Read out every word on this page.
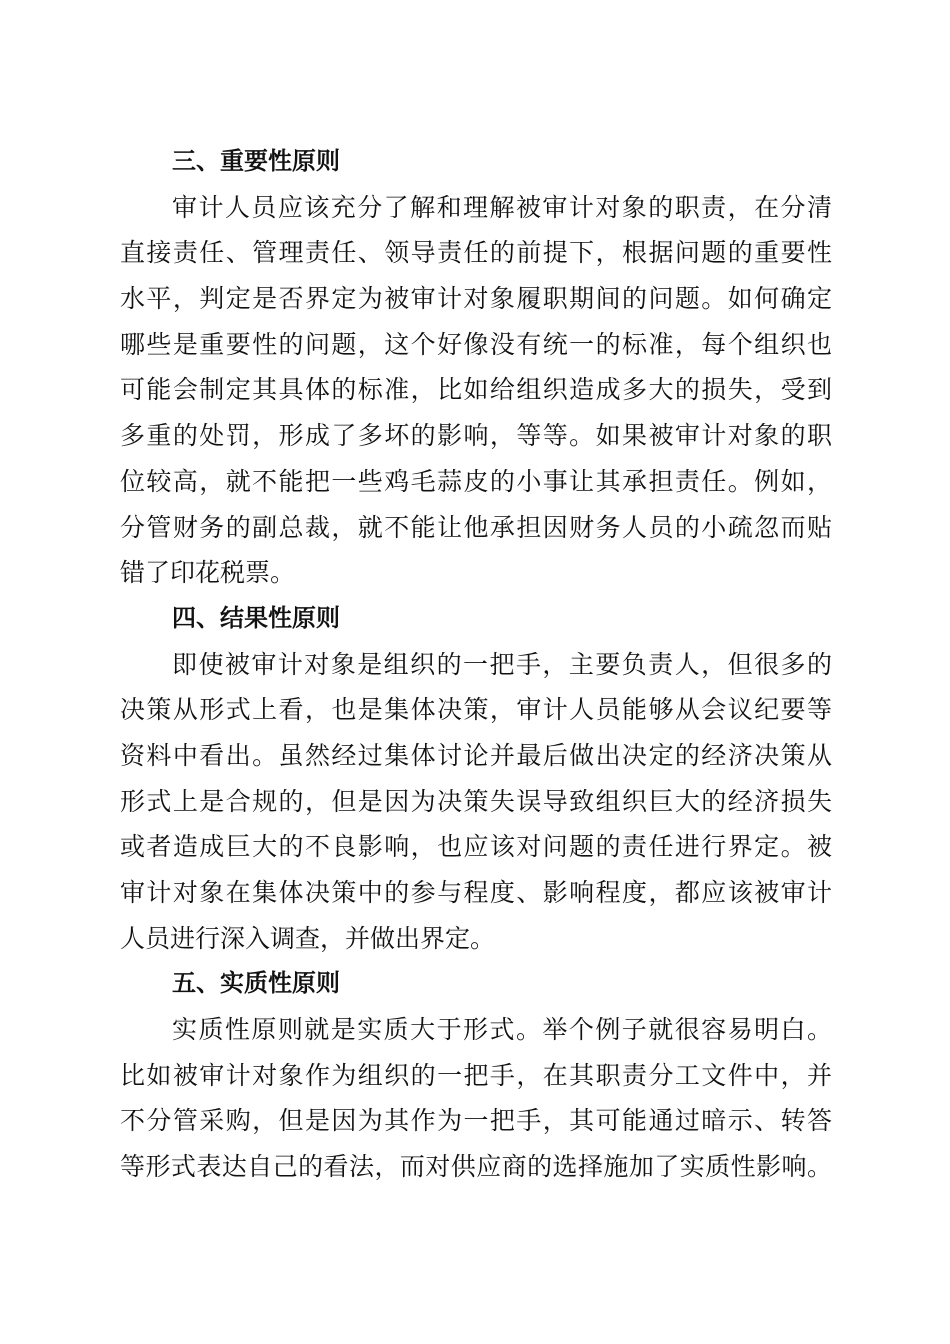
三、重要性原则
审计人员应该充分了解和理解被审计对象的职责，在分清
直接责任、管理责任、领导责任的前提下，根据问题的重要性
水平，判定是否界定为被审计对象履职期间的问题。如何确定
哪些是重要性的问题，这个好像没有统一的标准，每个组织也
可能会制定其具体的标准，比如给组织造成多大的损失，受到
多重的处罚，形成了多坏的影响，等等。如果被审计对象的职
位较高，就不能把一些鸡毛蒜皮的小事让其承担责任。例如，
分管财务的副总裁，就不能让他承担因财务人员的小疏忽而贴
错了印花税票。
四、结果性原则
即使被审计对象是组织的一把手，主要负责人，但很多的
决策从形式上看，也是集体决策，审计人员能够从会议纪要等
资料中看出。虽然经过集体讨论并最后做出决定的经济决策从
形式上是合规的，但是因为决策失误导致组织巨大的经济损失
或者造成巨大的不良影响，也应该对问题的责任进行界定。被
审计对象在集体决策中的参与程度、影响程度，都应该被审计
人员进行深入调查，并做出界定。
五、实质性原则
实质性原则就是实质大于形式。举个例子就很容易明白。
比如被审计对象作为组织的一把手，在其职责分工文件中，并
不分管采购，但是因为其作为一把手，其可能通过暗示、转答
等形式表达自己的看法，而对供应商的选择施加了实质性影响。
